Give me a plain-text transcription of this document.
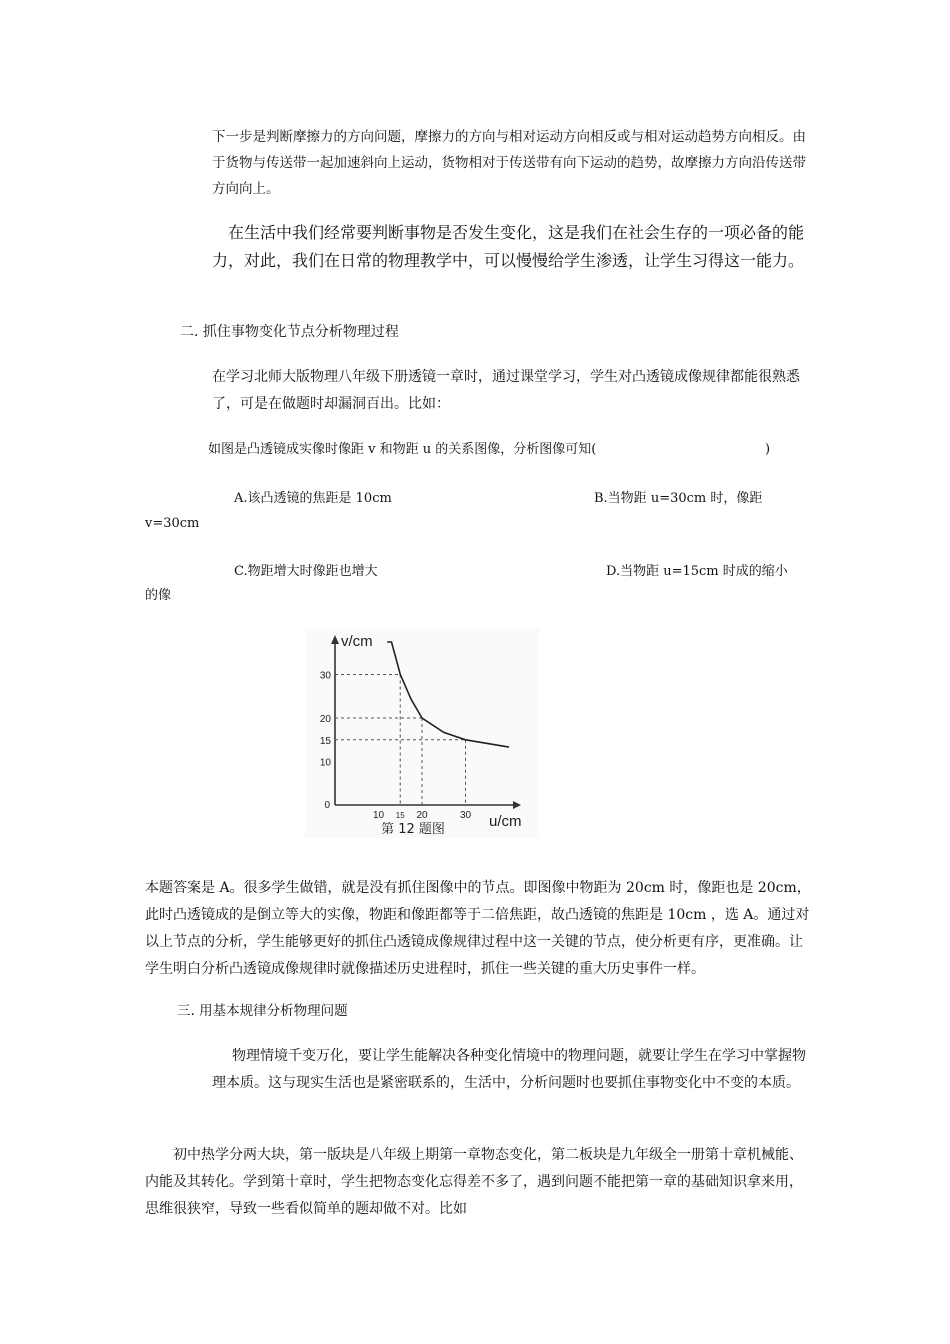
下一步是判断摩擦力的方向问题，摩擦力的方向与相对运动方向相反或与相对运动趋势方向相反。由于货物与传送带一起加速斜向上运动，货物相对于传送带有向下运动的趋势，故摩擦力方向沿传送带方向向上。

在生活中我们经常要判断事物是否发生变化，这是我们在社会生存的一项必备的能力，对此，我们在日常的物理教学中，可以慢慢给学生渗透，让学生习得这一能力。

二. 抓住事物变化节点分析物理过程

在学习北师大版物理八年级下册透镜一章时，通过课堂学习，学生对凸透镜成像规律都能很熟悉了，可是在做题时却漏洞百出。比如：

如图是凸透镜成实像时像距 v 和物距 u 的关系图像，分析图像可知(	)
A.该凸透镜的焦距是 10cm	B.当物距 u=30cm 时，像距
v=30cm
C.物距增大时像距也增大	D.当物距 u=15cm 时成的缩小
的像
30
20
15
10
10 15 20	30
0
v/cm
u/cm
第 12 题图

本题答案是 A。很多学生做错，就是没有抓住图像中的节点。即图像中物距为 20cm 时，像距也是 20cm，此时凸透镜成的是倒立等大的实像，物距和像距都等于二倍焦距，故凸透镜的焦距是 10cm ，选 A。通过对以上节点的分析，学生能够更好的抓住凸透镜成像规律过程中这一关键的节点，使分析更有序，更准确。让学生明白分析凸透镜成像规律时就像描述历史进程时，抓住一些关键的重大历史事件一样。

三. 用基本规律分析物理问题

物理情境千变万化，要让学生能解决各种变化情境中的物理问题，就要让学生在学习中掌握物理本质。这与现实生活也是紧密联系的，生活中，分析问题时也要抓住事物变化中不变的本质。

初中热学分两大块，第一版块是八年级上期第一章物态变化，第二板块是九年级全一册第十章机械能、内能及其转化。学到第十章时，学生把物态变化忘得差不多了，遇到问题不能把第一章的基础知识拿来用，思维很狭窄，导致一些看似简单的题却做不对。比如
